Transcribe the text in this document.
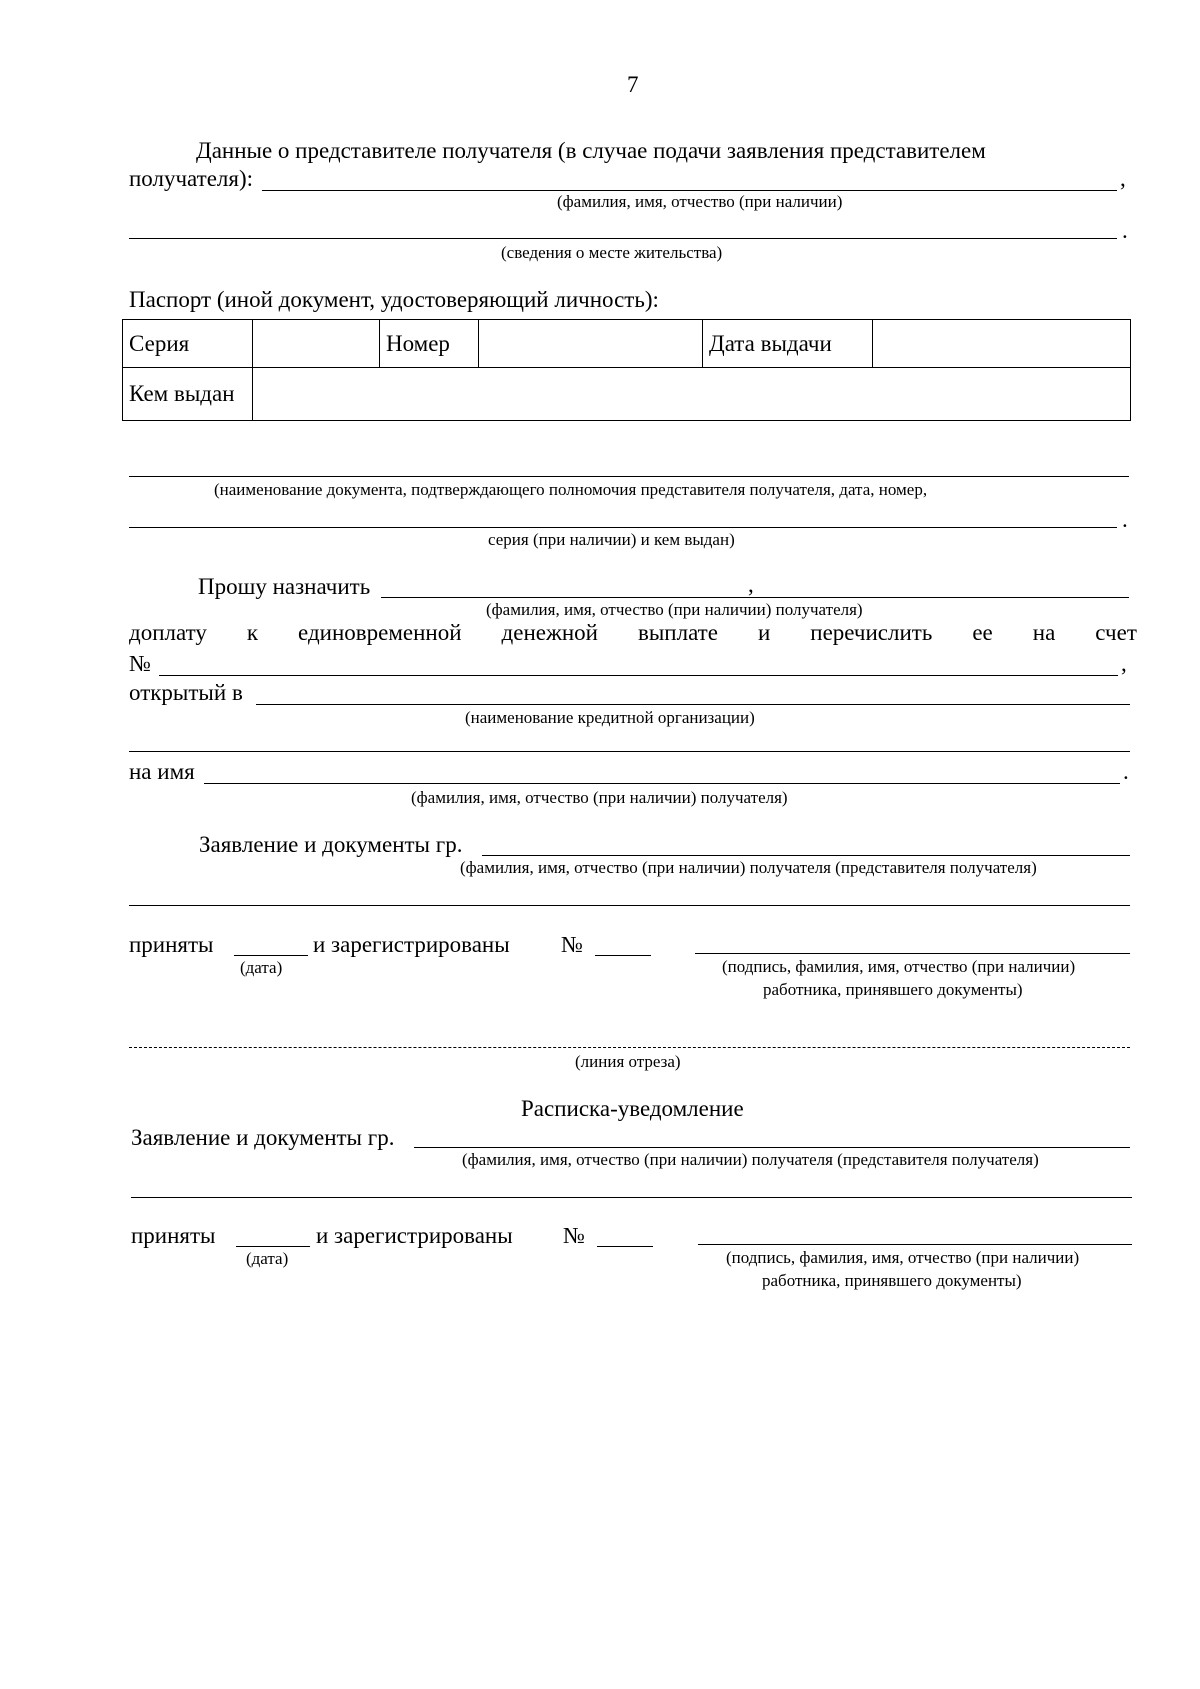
7
Данные о представителе получателя (в случае подачи заявления представителем
получателя):	,
(фамилия, имя, отчество (при наличии)
.
(сведения о месте жительства)
Паспорт (иной документ, удостоверяющий личность):
Серия		Номер		Дата выдачи	
Кем выдан					
(наименование документа, подтверждающего полномочия представителя получателя, дата, номер,
.
серия (при наличии) и кем выдан)
Прошу назначить	,
(фамилия, имя, отчество (при наличии) получателя)
доплату к единовременной денежной выплате и перечислить ее на счет
№	,
открытый в
(наименование кредитной организации)
на имя	.
(фамилия, имя, отчество (при наличии) получателя)
Заявление и документы гр.
(фамилия, имя, отчество (при наличии) получателя (представителя получателя)
приняты
(дата)
и зарегистрированы №
(подпись, фамилия, имя, отчество (при наличии)
работника, принявшего документы)
(линия отреза)
Расписка-уведомление
Заявление и документы гр.
(фамилия, имя, отчество (при наличии) получателя (представителя получателя)
приняты
(дата)
и зарегистрированы №
(подпись, фамилия, имя, отчество (при наличии)
работника, принявшего документы)
